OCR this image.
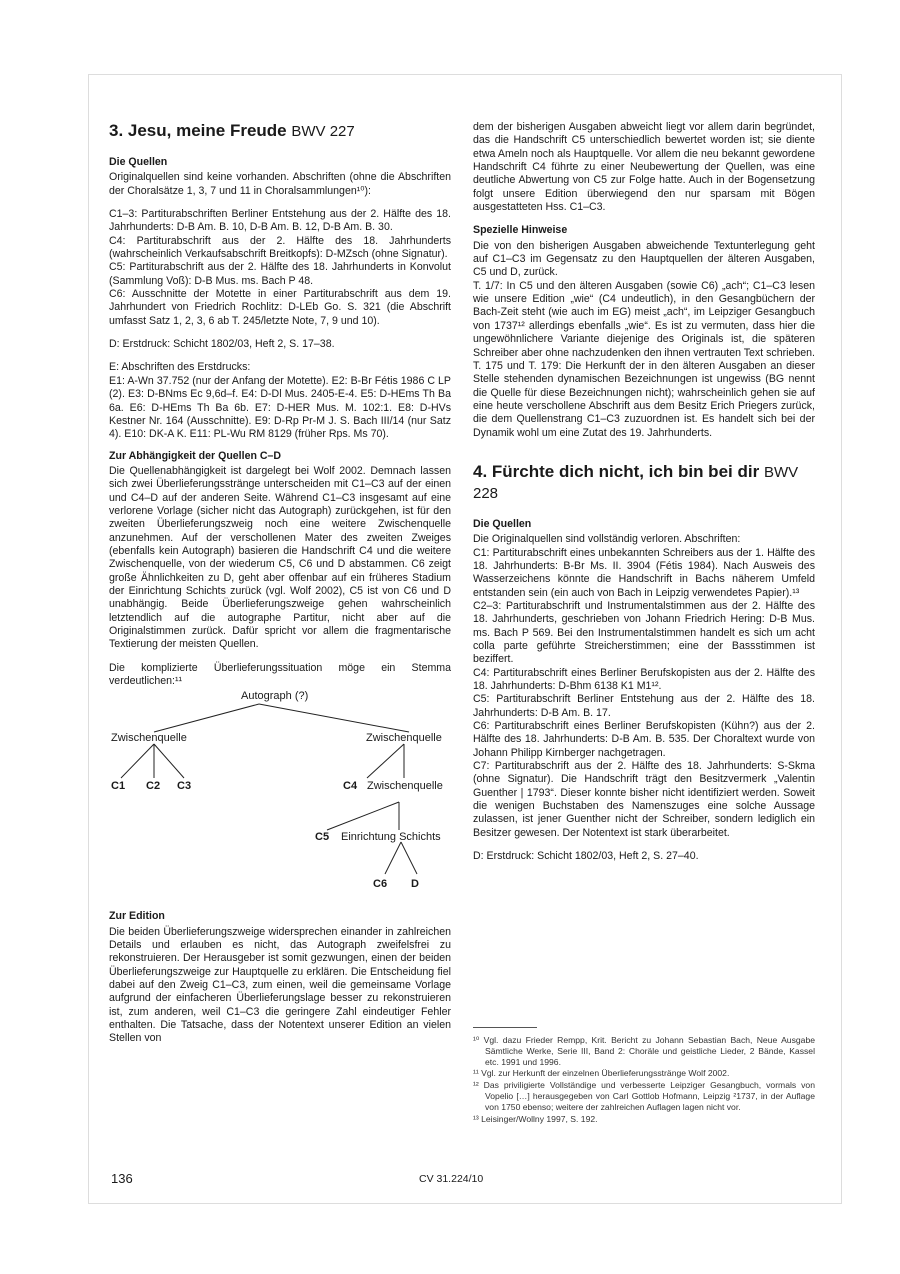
3. Jesu, meine Freude BWV 227
Die Quellen

Originalquellen sind keine vorhanden. Abschriften (ohne die Abschriften der Choralsätze 1, 3, 7 und 11 in Choralsammlungen¹⁰):

C1–3: Partiturabschriften Berliner Entstehung aus der 2. Hälfte des 18. Jahrhunderts: D-B Am. B. 10, D-B Am. B. 12, D-B Am. B. 30.

C4: Partiturabschrift aus der 2. Hälfte des 18. Jahrhunderts (wahrscheinlich Verkaufsabschrift Breitkopfs): D-MZsch (ohne Signatur).

C5: Partiturabschrift aus der 2. Hälfte des 18. Jahrhunderts in Konvolut (Sammlung Voß): D-B Mus. ms. Bach P 48.

C6: Ausschnitte der Motette in einer Partiturabschrift aus dem 19. Jahrhundert von Friedrich Rochlitz: D-LEb Go. S. 321 (die Abschrift umfasst Satz 1, 2, 3, 6 ab T. 245/letzte Note, 7, 9 und 10).

D: Erstdruck: Schicht 1802/03, Heft 2, S. 17–38.

E: Abschriften des Erstdrucks:

E1: A-Wn 37.752 (nur der Anfang der Motette). E2: B-Br Fétis 1986 C LP (2). E3: D-BNms Ec 9,6d–f. E4: D-Dl Mus. 2405-E-4. E5: D-HEms Th Ba 6a. E6: D-HEms Th Ba 6b. E7: D-HER Mus. M. 102:1. E8: D-HVs Kestner Nr. 164 (Ausschnitte). E9: D-Rp Pr-M J. S. Bach III/14 (nur Satz 4). E10: DK-A K. E11: PL-Wu RM 8129 (früher Rps. Ms 70).

Zur Abhängigkeit der Quellen C–D

Die Quellenabhängigkeit ist dargelegt bei Wolf 2002. Demnach lassen sich zwei Überlieferungsstränge unterscheiden mit C1–C3 auf der einen und C4–D auf der anderen Seite. Während C1–C3 insgesamt auf eine verlorene Vorlage (sicher nicht das Autograph) zurückgehen, ist für den zweiten Überlieferungszweig noch eine weitere Zwischenquelle anzunehmen. Auf der verschollenen Mater des zweiten Zweiges (ebenfalls kein Autograph) basieren die Handschrift C4 und die weitere Zwischenquelle, von der wiederum C5, C6 und D abstammen. C6 zeigt große Ähnlichkeiten zu D, geht aber offenbar auf ein früheres Stadium der Einrichtung Schichts zurück (vgl. Wolf 2002), C5 ist von C6 und D unabhängig. Beide Überlieferungszweige gehen wahrscheinlich letztendlich auf die autographe Partitur, nicht aber auf die Originalstimmen zurück. Dafür spricht vor allem die fragmentarische Textierung der meisten Quellen.

Die komplizierte Überlieferungssituation möge ein Stemma verdeutlichen:¹¹

Autograph (?)
Zwischenquelle	Zwischenquelle
C1 C2 C3	C4 Zwischenquelle
C5 Einrichtung Schichts
C6 D
Zur Edition

Die beiden Überlieferungszweige widersprechen einander in zahlreichen Details und erlauben es nicht, das Autograph zweifelsfrei zu rekonstruieren. Der Herausgeber ist somit gezwungen, einen der beiden Überlieferungszweige zur Hauptquelle zu erklären. Die Entscheidung fiel dabei auf den Zweig C1–C3, zum einen, weil die gemeinsame Vorlage aufgrund der einfacheren Überlieferungslage besser zu rekonstruieren ist, zum anderen, weil C1–C3 die geringere Zahl eindeutiger Fehler enthalten. Die Tatsache, dass der Notentext unserer Edition an vielen Stellen von

dem der bisherigen Ausgaben abweicht liegt vor allem darin begründet, das die Handschrift C5 unterschiedlich bewertet worden ist; sie diente etwa Ameln noch als Hauptquelle. Vor allem die neu bekannt gewordene Handschrift C4 führte zu einer Neubewertung der Quellen, was eine deutliche Abwertung von C5 zur Folge hatte. Auch in der Bogensetzung folgt unsere Edition überwiegend den nur sparsam mit Bögen ausgestatteten Hss. C1–C3.

Spezielle Hinweise

Die von den bisherigen Ausgaben abweichende Textunterlegung geht auf C1–C3 im Gegensatz zu den Hauptquellen der älteren Ausgaben, C5 und D, zurück.

T. 1/7: In C5 und den älteren Ausgaben (sowie C6) „ach“; C1–C3 lesen wie unsere Edition „wie“ (C4 undeutlich), in den Gesangbüchern der Bach-Zeit steht (wie auch im EG) meist „ach“, im Leipziger Gesangbuch von 1737¹² allerdings ebenfalls „wie“. Es ist zu vermuten, dass hier die ungewöhnlichere Variante diejenige des Originals ist, die späteren Schreiber aber ohne nachzudenken den ihnen vertrauten Text schrieben.

T. 175 und T. 179: Die Herkunft der in den älteren Ausgaben an dieser Stelle stehenden dynamischen Bezeichnungen ist ungewiss (BG nennt die Quelle für diese Bezeichnungen nicht); wahrscheinlich gehen sie auf eine heute verschollene Abschrift aus dem Besitz Erich Priegers zurück, die dem Quellenstrang C1–C3 zuzuordnen ist. Es handelt sich bei der Dynamik wohl um eine Zutat des 19. Jahrhunderts.

4. Fürchte dich nicht, ich bin bei dir BWV 228
Die Quellen

Die Originalquellen sind vollständig verloren. Abschriften:

C1: Partiturabschrift eines unbekannten Schreibers aus der 1. Hälfte des 18. Jahrhunderts: B-Br Ms. II. 3904 (Fétis 1984). Nach Ausweis des Wasserzeichens könnte die Handschrift in Bachs näherem Umfeld entstanden sein (ein auch von Bach in Leipzig verwendetes Papier).¹³

C2–3: Partiturabschrift und Instrumentalstimmen aus der 2. Hälfte des 18. Jahrhunderts, geschrieben von Johann Friedrich Hering: D-B Mus. ms. Bach P 569. Bei den Instrumentalstimmen handelt es sich um acht colla parte geführte Streicherstimmen; eine der Bassstimmen ist beziffert.

C4: Partiturabschrift eines Berliner Berufskopisten aus der 2. Hälfte des 18. Jahrhunderts: D-Bhm 6138 K1 M1¹².

C5: Partiturabschrift Berliner Entstehung aus der 2. Hälfte des 18. Jahrhunderts: D-B Am. B. 17.

C6: Partiturabschrift eines Berliner Berufskopisten (Kühn?) aus der 2. Hälfte des 18. Jahrhunderts: D-B Am. B. 535. Der Choraltext wurde von Johann Philipp Kirnberger nachgetragen.

C7: Partiturabschrift aus der 2. Hälfte des 18. Jahrhunderts: S-Skma (ohne Signatur). Die Handschrift trägt den Besitzvermerk „Valentin Guenther | 1793“. Dieser konnte bisher nicht identifiziert werden. Soweit die wenigen Buchstaben des Namenszuges eine solche Aussage zulassen, ist jener Guenther nicht der Schreiber, sondern lediglich ein Besitzer gewesen. Der Notentext ist stark überarbeitet.

D: Erstdruck: Schicht 1802/03, Heft 2, S. 27–40.

¹⁰ Vgl. dazu Frieder Rempp, Krit. Bericht zu Johann Sebastian Bach, Neue Ausgabe Sämtliche Werke, Serie III, Band 2: Choräle und geistliche Lieder, 2 Bände, Kassel etc. 1991 und 1996.

¹¹ Vgl. zur Herkunft der einzelnen Überlieferungsstränge Wolf 2002.

¹² Das priviligierte Vollständige und verbesserte Leipziger Gesangbuch, vormals von Vopelio […] herausgegeben von Carl Gottlob Hofmann, Leipzig ²1737, in der Auflage von 1750 ebenso; weitere der zahlreichen Auflagen lagen nicht vor.

¹³ Leisinger/Wollny 1997, S. 192.

136	CV 31.224/10
